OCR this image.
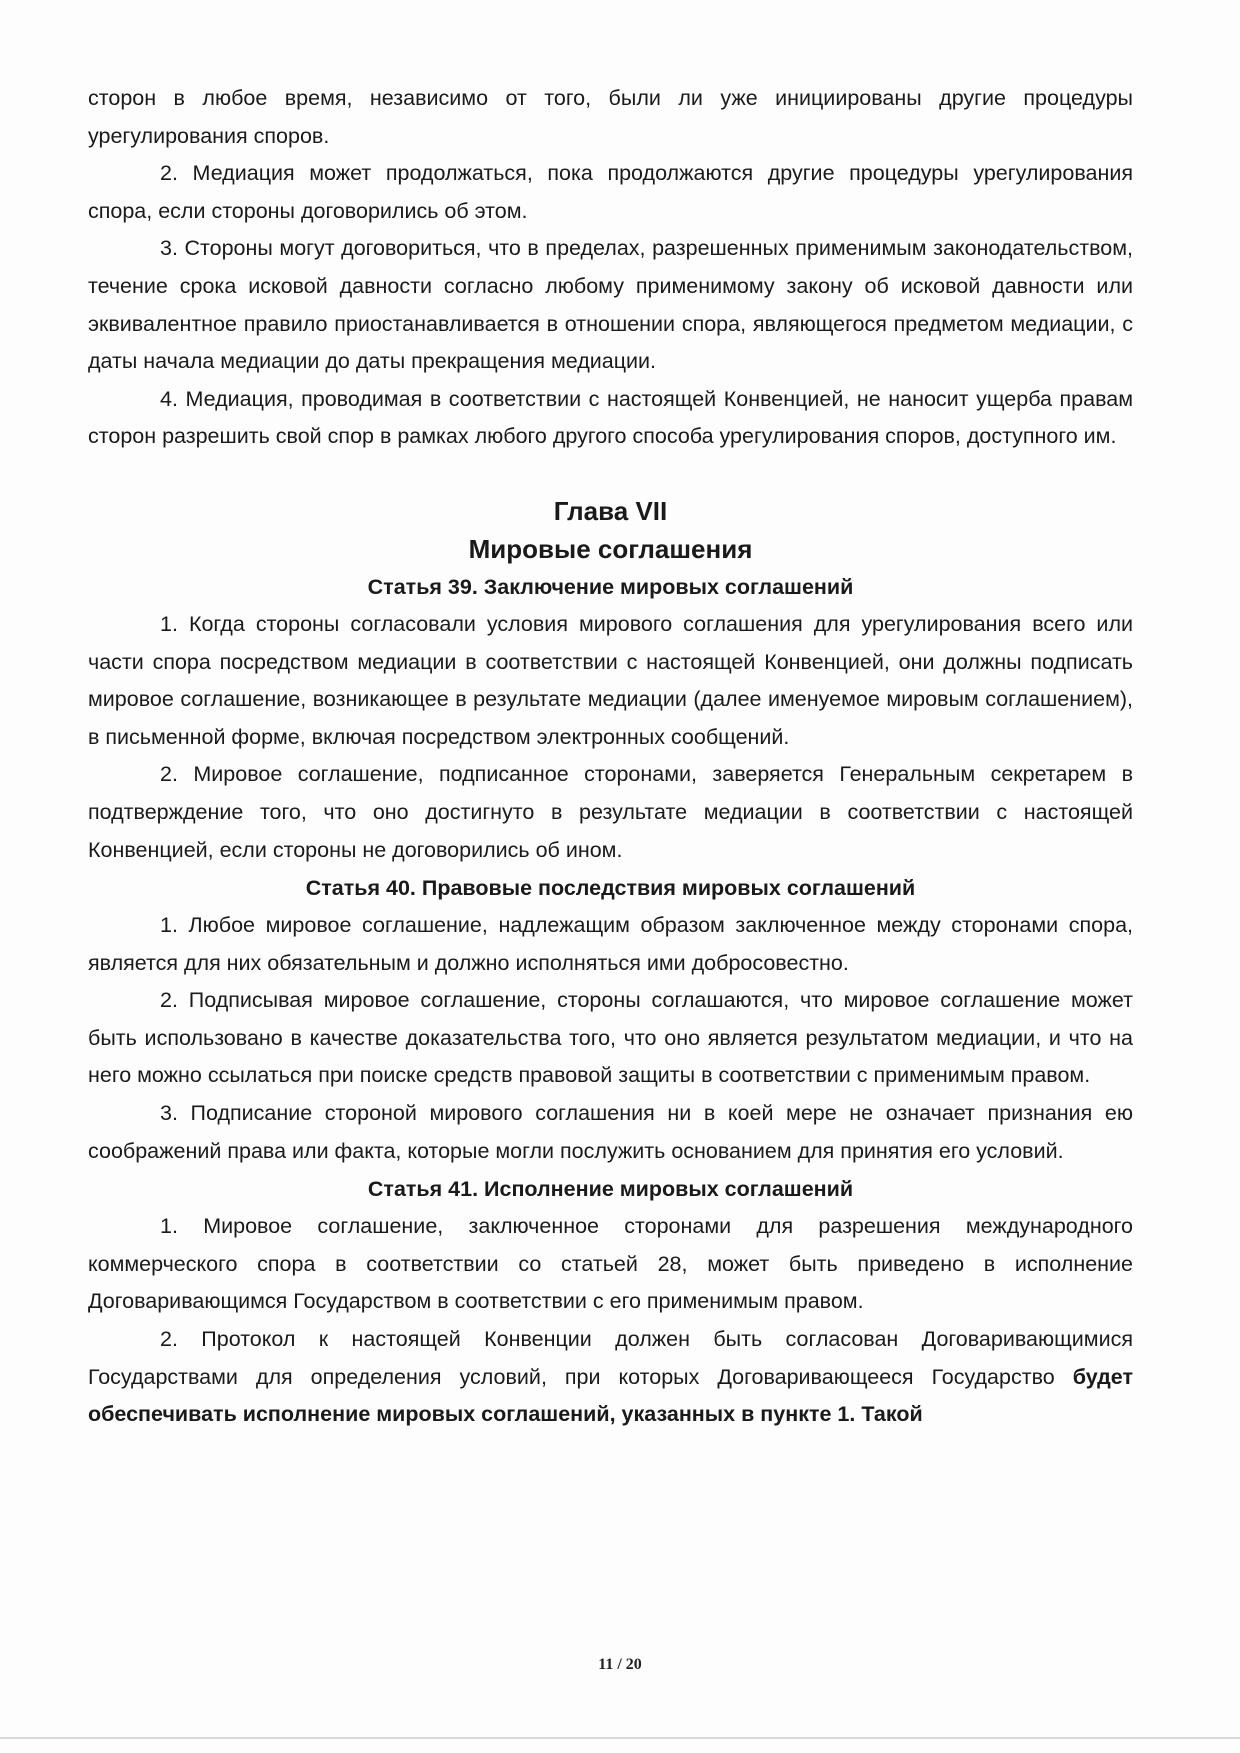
сторон в любое время, независимо от того, были ли уже инициированы другие процедуры урегулирования споров.

2. Медиация может продолжаться, пока продолжаются другие процедуры урегулирования спора, если стороны договорились об этом.

3. Стороны могут договориться, что в пределах, разрешенных применимым законодательством, течение срока исковой давности согласно любому применимому закону об исковой давности или эквивалентное правило приостанавливается в отношении спора, являющегося предметом медиации, с даты начала медиации до даты прекращения медиации.

4. Медиация, проводимая в соответствии с настоящей Конвенцией, не наносит ущерба правам сторон разрешить свой спор в рамках любого другого способа урегулирования споров, доступного им.

Глава VII

Мировые соглашения

Статья 39. Заключение мировых соглашений

1. Когда стороны согласовали условия мирового соглашения для урегулирования всего или части спора посредством медиации в соответствии с настоящей Конвенцией, они должны подписать мировое соглашение, возникающее в результате медиации (далее именуемое мировым соглашением), в письменной форме, включая посредством электронных сообщений.

2. Мировое соглашение, подписанное сторонами, заверяется Генеральным секретарем в подтверждение того, что оно достигнуто в результате медиации в соответствии с настоящей Конвенцией, если стороны не договорились об ином.

Статья 40. Правовые последствия мировых соглашений

1. Любое мировое соглашение, надлежащим образом заключенное между сторонами спора, является для них обязательным и должно исполняться ими добросовестно.

2. Подписывая мировое соглашение, стороны соглашаются, что мировое соглашение может быть использовано в качестве доказательства того, что оно является результатом медиации, и что на него можно ссылаться при поиске средств правовой защиты в соответствии с применимым правом.

3. Подписание стороной мирового соглашения ни в коей мере не означает признания ею соображений права или факта, которые могли послужить основанием для принятия его условий.

Статья 41. Исполнение мировых соглашений

1. Мировое соглашение, заключенное сторонами для разрешения международного коммерческого спора в соответствии со статьей 28, может быть приведено в исполнение Договаривающимся Государством в соответствии с его применимым правом.

2. Протокол к настоящей Конвенции должен быть согласован Договаривающимися Государствами для определения условий, при которых Договаривающееся Государство будет обеспечивать исполнение мировых соглашений, указанных в пункте 1. Такой

11 / 20
